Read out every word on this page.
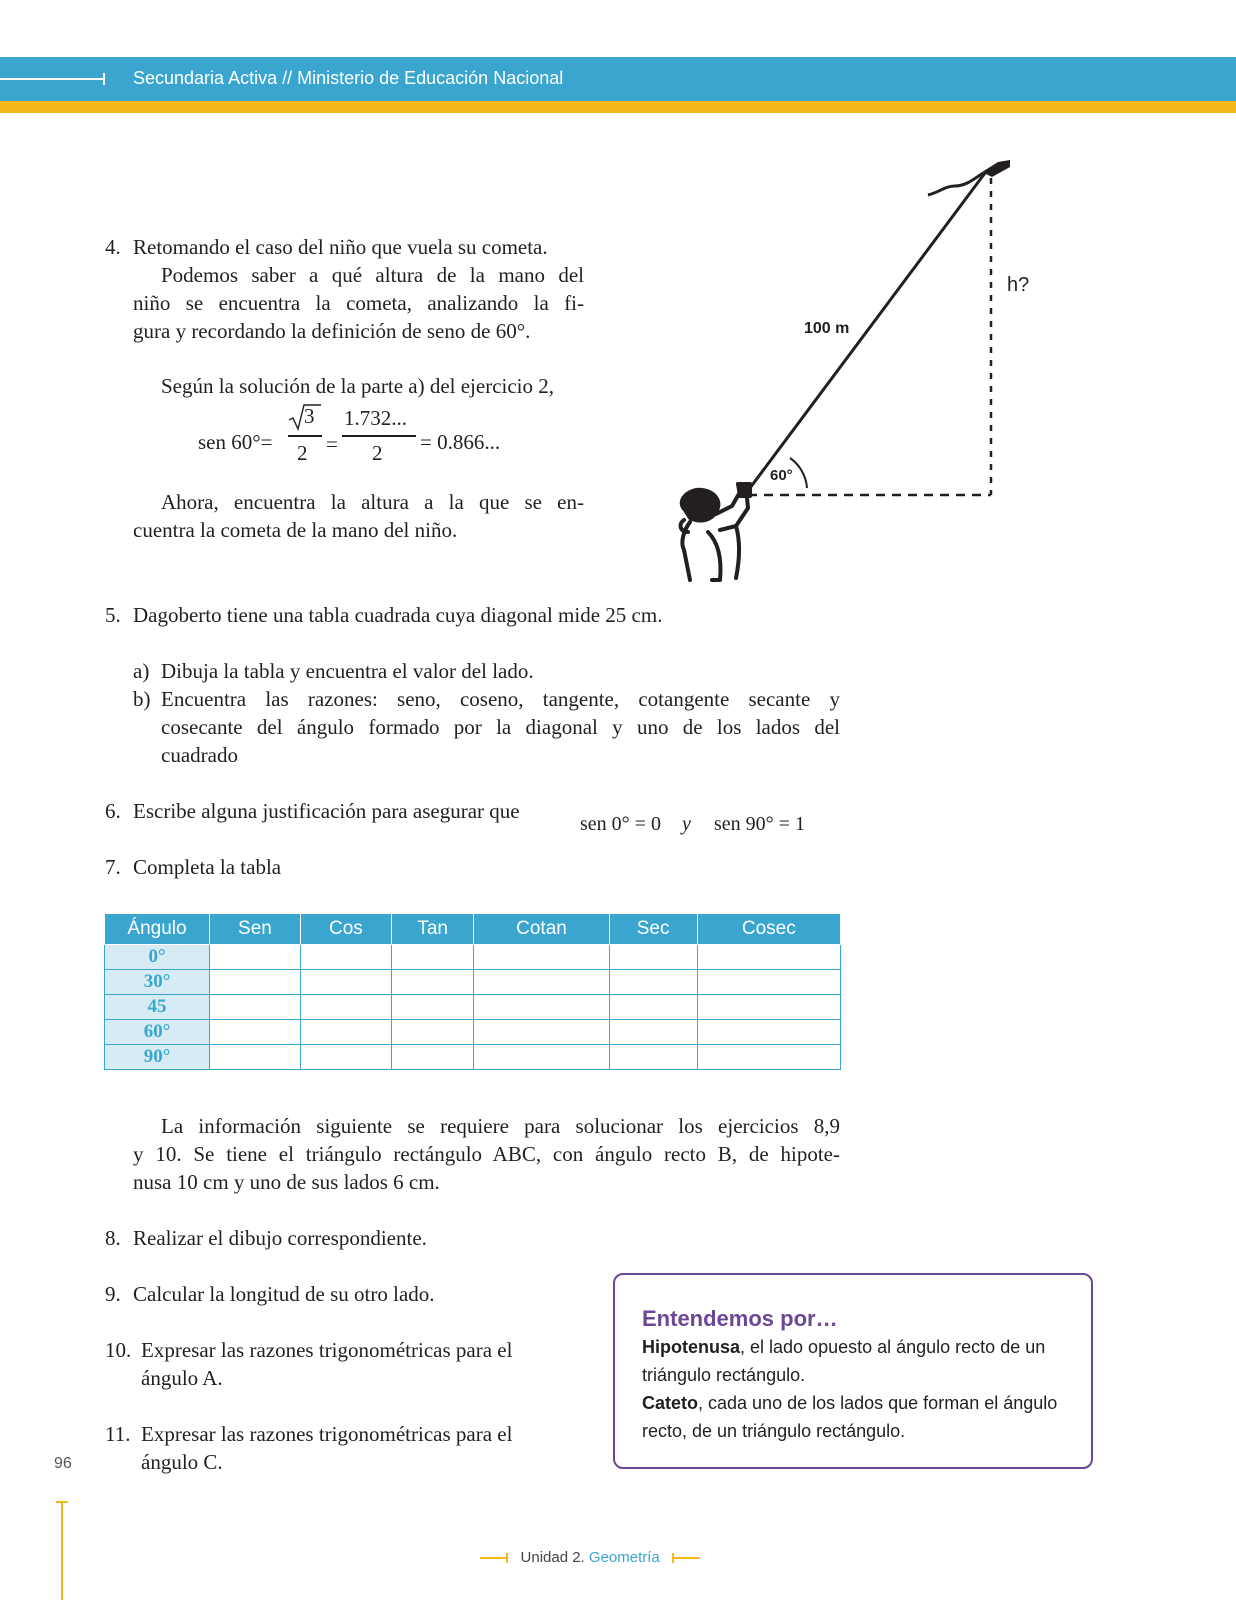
Secundaria Activa // Ministerio de Educación Nacional
4. Retomando el caso del niño que vuela su cometa.
Podemos saber a qué altura de la mano del
niño se encuentra la cometa, analizando la fi-
gura y recordando la definición de seno de 60°.
Según la solución de la parte a) del ejercicio 2,
sen 60°=
3
2 =
1.732...
2 = 0.866...
Ahora, encuentra la altura a la que se en-
cuentra la cometa de la mano del niño.
100 m
60°
h?
5. Dagoberto tiene una tabla cuadrada cuya diagonal mide 25 cm.
a) Dibuja la tabla y encuentra el valor del lado.
b) Encuentra las razones: seno, coseno, tangente, cotangente secante y
cosecante del ángulo formado por la diagonal y uno de los lados del
cuadrado
6. Escribe alguna justificación para asegurar que
sen 0° = 0 y sen 90° = 1
7. Completa la tabla
Ángulo	Sen	Cos	Tan	Cotan	Sec	Cosec
0°						
30°						
45						
60°						
90°						
La información siguiente se requiere para solucionar los ejercicios 8,9
y 10. Se tiene el triángulo rectángulo ABC, con ángulo recto B, de hipote-
nusa 10 cm y uno de sus lados 6 cm.
8. Realizar el dibujo correspondiente.
9. Calcular la longitud de su otro lado.
10. Expresar las razones trigonométricas para el
ángulo A.
11. Expresar las razones trigonométricas para el
ángulo C.
Entendemos por…
Hipotenusa, el lado opuesto al ángulo recto de un triángulo rectángulo.
Cateto, cada uno de los lados que forman el ángulo recto, de un triángulo rectángulo.
96
Unidad 2. Geometría
